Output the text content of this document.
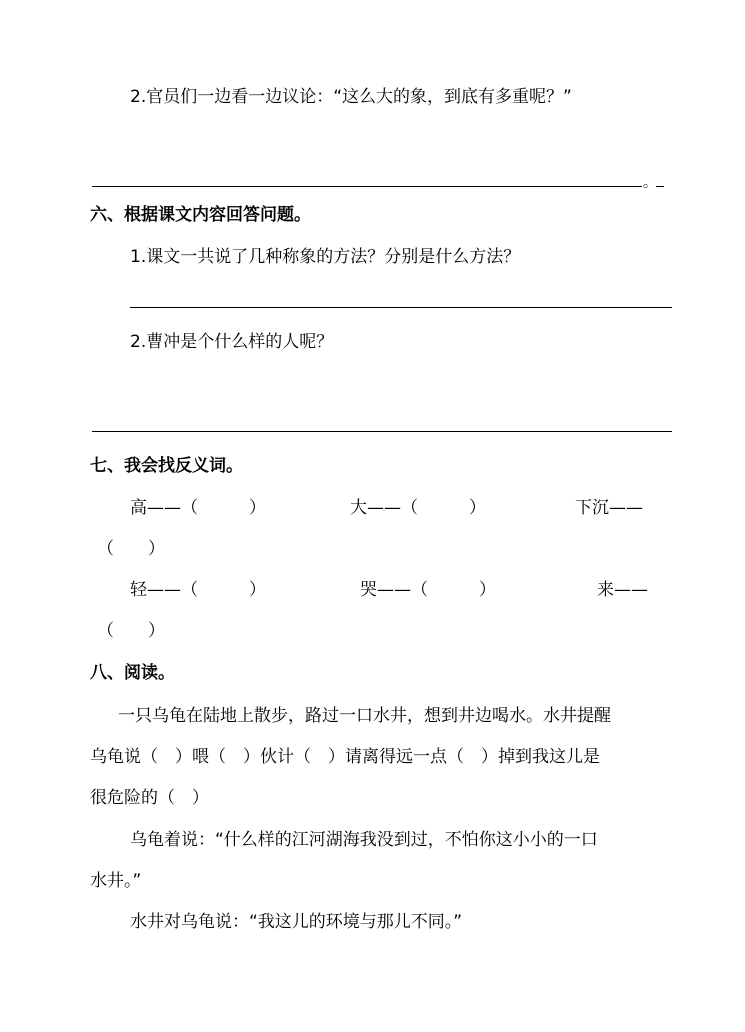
2.官员们一边看一边议论：“这么大的象，到底有多重呢？”
。
六、根据课文内容回答问题。
1.课文一共说了几种称象的方法？分别是什么方法？
2.曹冲是个什么样的人呢？
七、我会找反义词。
高——（　　　）	大——（　　　）	下沉——
（　　）
轻——（　　　）	哭——（　　　）	来——
（　　）
八、阅读。
一只乌龟在陆地上散步，路过一口水井，想到井边喝水。水井提醒
乌龟说（　）喂（　）伙计（　）请离得远一点（　）掉到我这儿是
很危险的（　）
乌龟着说：“什么样的江河湖海我没到过，不怕你这小小的一口
水井。”
水井对乌龟说：“我这儿的环境与那儿不同。”
